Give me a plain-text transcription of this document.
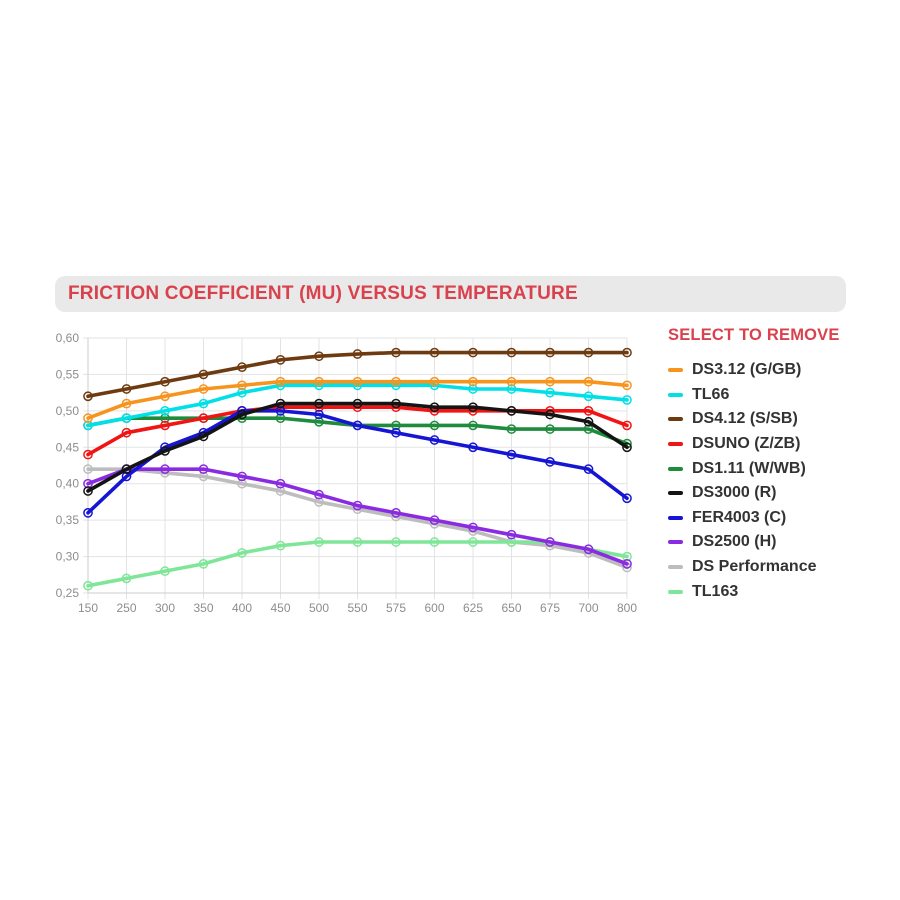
FRICTION COEFFICIENT (MU) VERSUS TEMPERATURE
0,60
0,55
0,50
0,45
0,40
0,35
0,30
0,25
150 250 300 350 400 450 500 550 575 600 625 650 675 700 800
SELECT TO REMOVE
DS3.12 (G/GB)
TL66
DS4.12 (S/SB)
DSUNO (Z/ZB)
DS1.11 (W/WB)
DS3000 (R)
FER4003 (C)
DS2500 (H)
DS Performance
TL163
